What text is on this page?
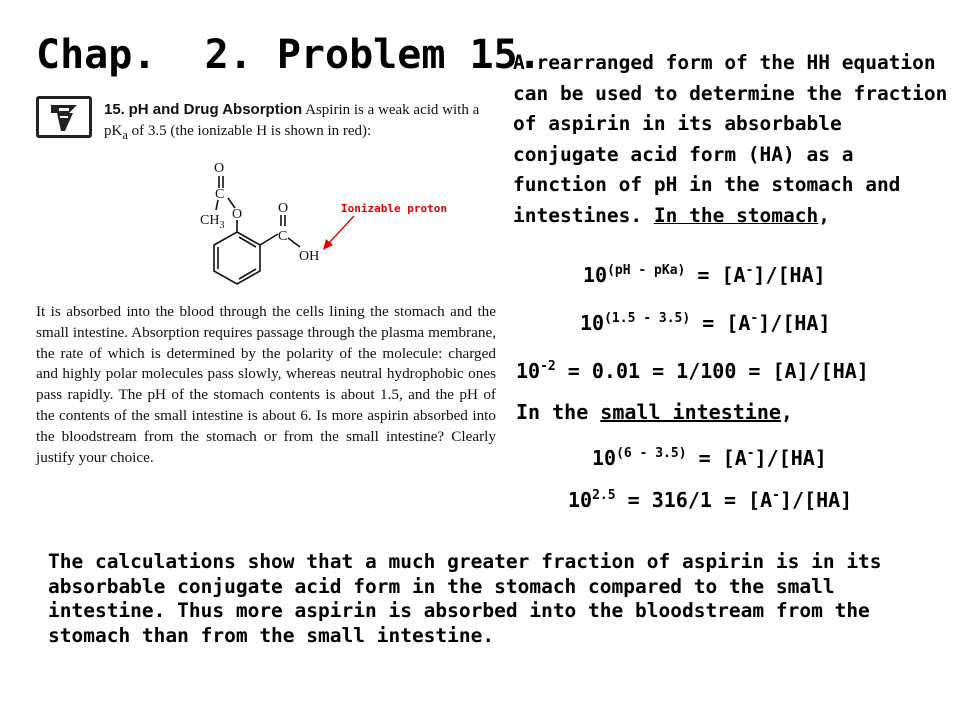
Chap.  2. Problem 15.
15. pH and Drug Absorption Aspirin is a weak acid with a $pK_a$ of 3.5 (the ionizable H is shown in red):
O
C
$CH_3$
O	O
C
OH
Ionizable proton
It is absorbed into the blood through the cells lining the stomach and the small intestine. Absorption requires passage through the plasma membrane, the rate of which is determined by the polarity of the molecule: charged and highly polar molecules pass slowly, whereas neutral hydrophobic ones pass rapidly. The pH of the stomach contents is about 1.5, and the pH of the contents of the small intestine is about 6. Is more aspirin absorbed into the bloodstream from the stomach or from the small intestine? Clearly justify your choice.
A rearranged form of the HH equation can be used to determine the fraction of aspirin in its absorbable conjugate acid form (HA) as a function of pH in the stomach and intestines. In the stomach,
$10^{(pH - pKa)} = [A^-]/[HA]$
$10^{(1.5 - 3.5)} = [A^-]/[HA]$
$10^{-2} = 0.01 = 1/100 = [A]/[HA]$
In the small intestine,
$10^{(6 - 3.5)} = [A^-]/[HA]$
$10^{2.5} = 316/1 = [A^-]/[HA]$
The calculations show that a much greater fraction of aspirin is in its absorbable conjugate acid form in the stomach compared to the small intestine. Thus more aspirin is absorbed into the bloodstream from the stomach than from the small intestine.
